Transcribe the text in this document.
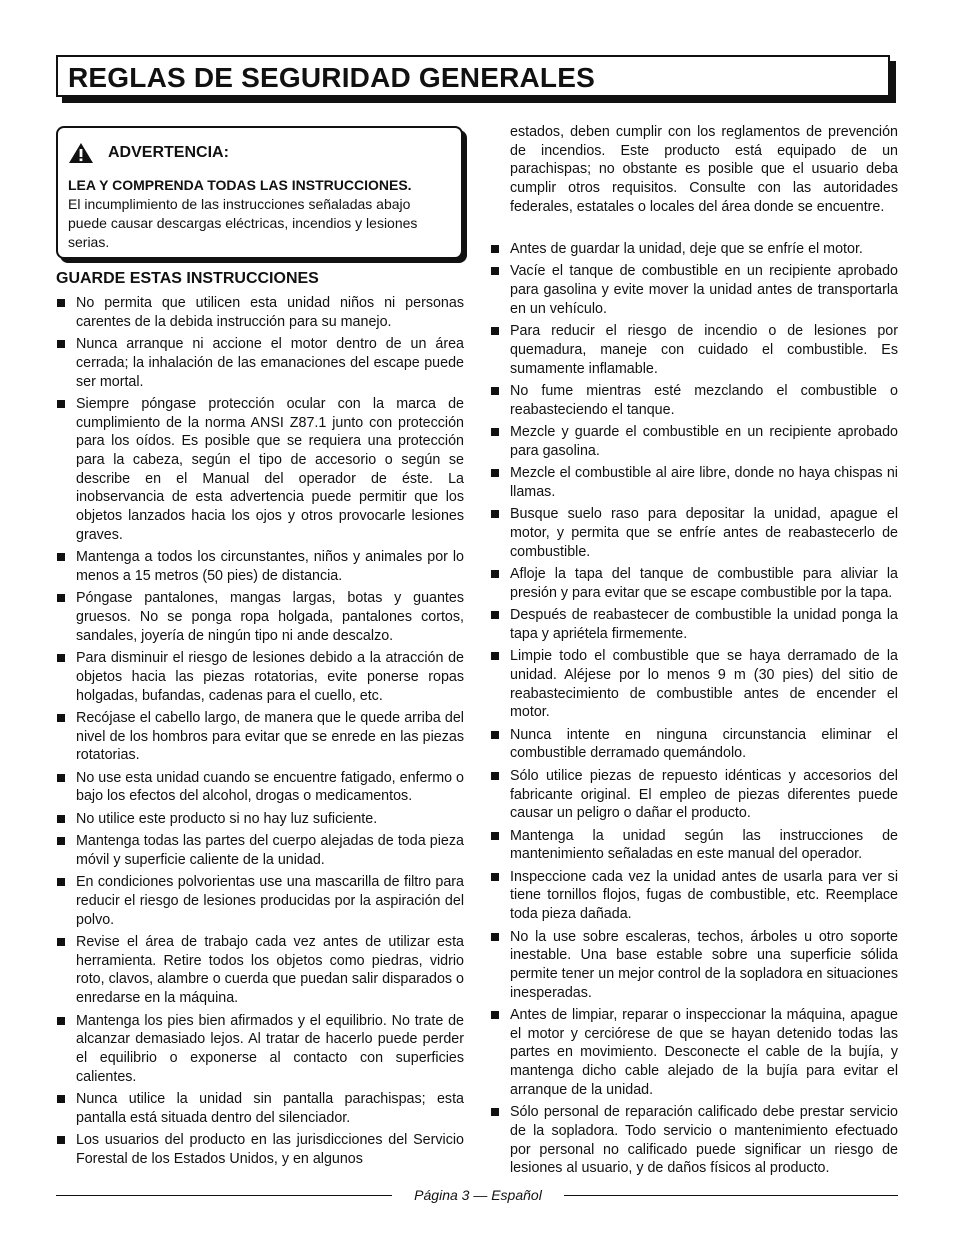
REGLAS DE SEGURIDAD GENERALES
ADVERTENCIA:
LEA Y COMPRENDA TODAS LAS INSTRUCCIONES.
El incumplimiento de las instrucciones señaladas abajo puede causar descargas eléctricas, incendios y lesiones serias.
GUARDE ESTAS INSTRUCCIONES
No permita que utilicen esta unidad niños ni personas carentes de la debida instrucción para su manejo.
Nunca arranque ni accione el motor dentro de un área cerrada; la inhalación de las emanaciones del escape puede ser mortal.
Siempre póngase protección ocular con la marca de cumplimiento de la norma ANSI Z87.1 junto con protección para los oídos. Es posible que se requiera una protección para la cabeza, según el tipo de accesorio o según se describe en el Manual del operador de éste. La inobservancia de esta advertencia puede permitir que los objetos lanzados hacia los ojos y otros provocarle lesiones graves.
Mantenga a todos los circunstantes, niños y animales por lo menos a 15 metros (50 pies) de distancia.
Póngase pantalones, mangas largas, botas y guantes gruesos. No se ponga ropa holgada, pantalones cortos, sandales, joyería de ningún tipo ni ande descalzo.
Para disminuir el riesgo de lesiones debido a la atracción de objetos hacia las piezas rotatorias, evite ponerse ropas holgadas, bufandas, cadenas para el cuello, etc.
Recójase el cabello largo, de manera que le quede arriba del nivel de los hombros para evitar que se enrede en las piezas rotatorias.
No use esta unidad cuando se encuentre fatigado, enfermo o bajo los efectos del alcohol, drogas o medicamentos.
No utilice este producto si no hay luz suficiente.
Mantenga todas las partes del cuerpo alejadas de toda pieza móvil y superficie caliente de la unidad.
En condiciones polvorientas use una mascarilla de filtro para reducir el riesgo de lesiones producidas por la aspiración del polvo.
Revise el área de trabajo cada vez antes de utilizar esta herramienta. Retire todos los objetos como piedras, vidrio roto, clavos, alambre o cuerda que puedan salir disparados o enredarse en la máquina.
Mantenga los pies bien afirmados y el equilibrio. No trate de alcanzar demasiado lejos. Al tratar de hacerlo puede perder el equilibrio o exponerse al contacto con superficies calientes.
Nunca utilice la unidad sin pantalla parachispas; esta pantalla está situada dentro del silenciador.
Los usuarios del producto en las jurisdicciones del Servicio Forestal de los Estados Unidos, y en algunos
estados, deben cumplir con los reglamentos de prevención de incendios. Este producto está equipado de un parachispas; no obstante es posible que el usuario deba cumplir otros requisitos. Consulte con las autoridades federales, estatales o locales del área donde se encuentre.
Antes de guardar la unidad, deje que se enfríe el motor.
Vacíe el tanque de combustible en un recipiente aprobado para gasolina y evite mover la unidad antes de transportarla en un vehículo.
Para reducir el riesgo de incendio o de lesiones por quemadura, maneje con cuidado el combustible. Es sumamente inflamable.
No fume mientras esté mezclando el combustible o reabasteciendo el tanque.
Mezcle y guarde el combustible en un recipiente aprobado para gasolina.
Mezcle el combustible al aire libre, donde no haya chispas ni llamas.
Busque suelo raso para depositar la unidad, apague el motor, y permita que se enfríe antes de reabastecerlo de combustible.
Afloje la tapa del tanque de combustible para aliviar la presión y para evitar que se escape combustible por la tapa.
Después de reabastecer de combustible la unidad ponga la tapa y apriétela firmemente.
Limpie todo el combustible que se haya derramado de la unidad. Aléjese por lo menos 9 m (30 pies) del sitio de reabastecimiento de combustible antes de encender el motor.
Nunca intente en ninguna circunstancia eliminar el combustible derramado quemándolo.
Sólo utilice piezas de repuesto idénticas y accesorios del fabricante original. El empleo de piezas diferentes puede causar un peligro o dañar el producto.
Mantenga la unidad según las instrucciones de mantenimiento señaladas en este manual del operador.
Inspeccione cada vez la unidad antes de usarla para ver si tiene tornillos flojos, fugas de combustible, etc. Reemplace toda pieza dañada.
No la use sobre escaleras, techos, árboles u otro soporte inestable. Una base estable sobre una superficie sólida permite tener un mejor control de la sopladora en situaciones inesperadas.
Antes de limpiar, reparar o inspeccionar la máquina, apague el motor y cerciórese de que se hayan detenido todas las partes en movimiento. Desconecte el cable de la bujía, y mantenga dicho cable alejado de la bujía para evitar el arranque de la unidad.
Sólo personal de reparación calificado debe prestar servicio de la sopladora. Todo servicio o mantenimiento efectuado por personal no calificado puede significar un riesgo de lesiones al usuario, y de daños físicos al producto.
Página 3 — Español
